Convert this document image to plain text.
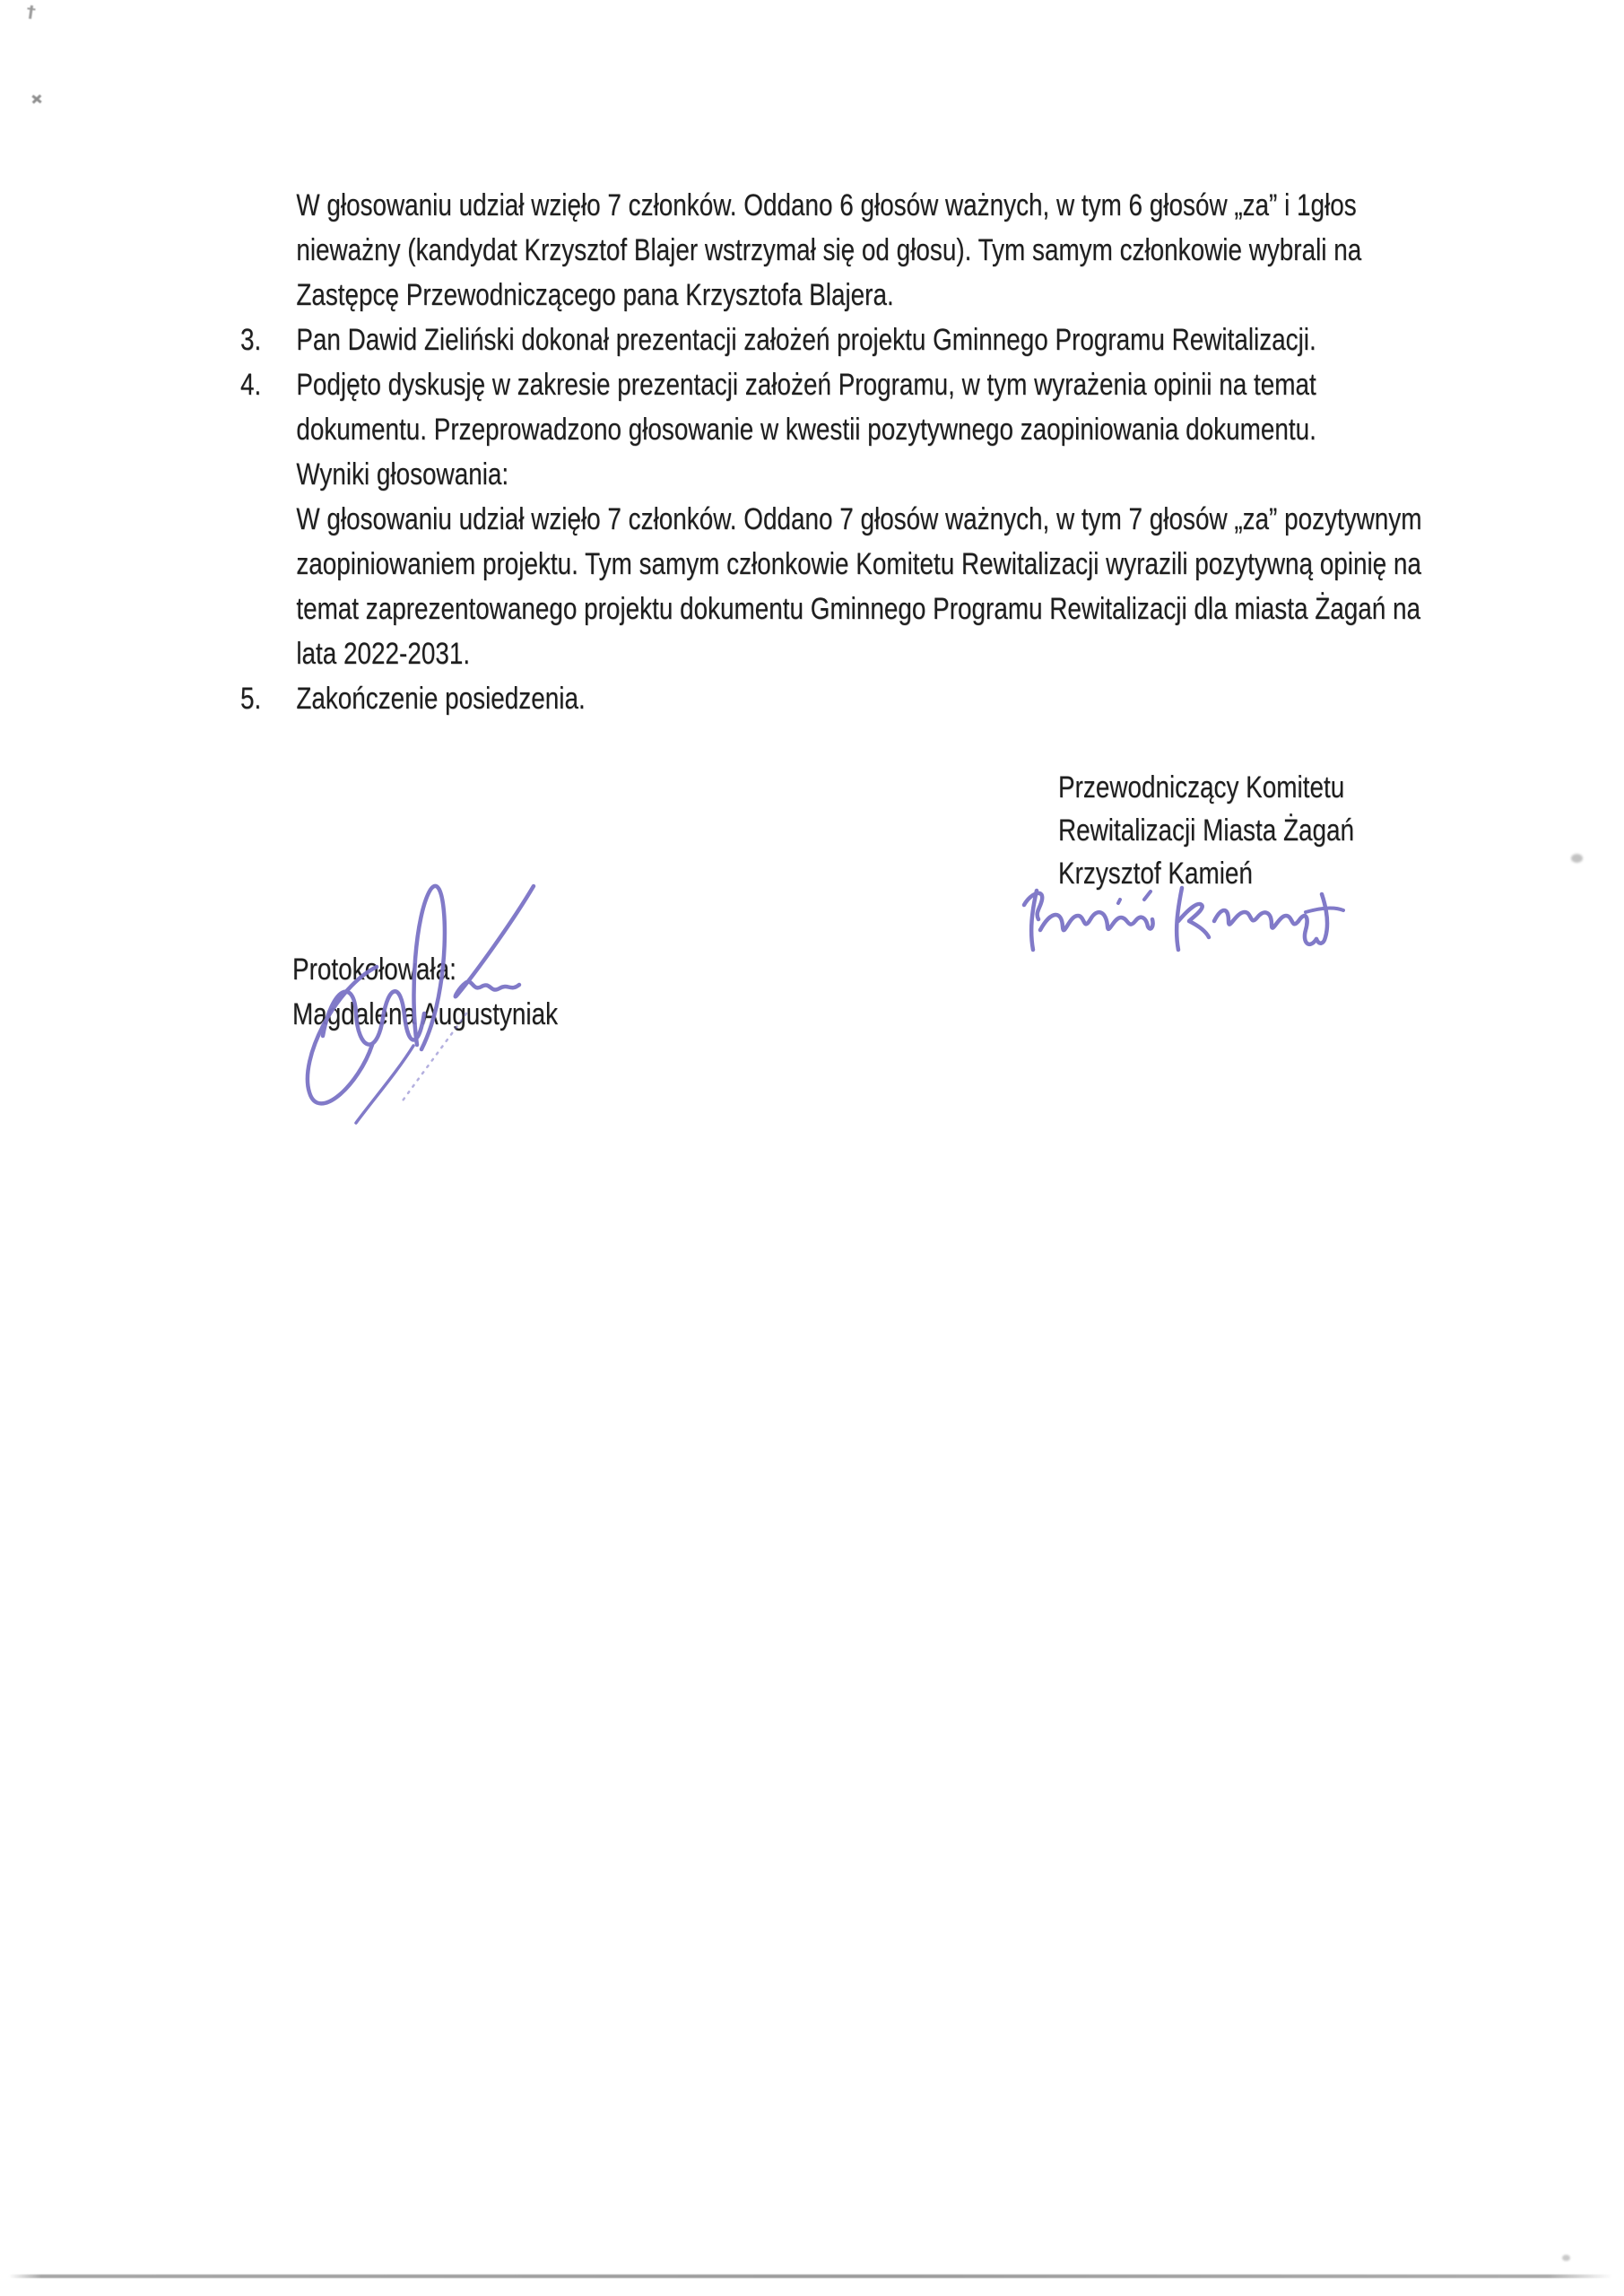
W głosowaniu udział wzięło 7 członków. Oddano 6 głosów ważnych, w tym 6 głosów „za” i 1głos
nieważny (kandydat Krzysztof Blajer wstrzymał się od głosu). Tym samym członkowie wybrali na
Zastępcę Przewodniczącego pana Krzysztofa Blajera.
3. Pan Dawid Zieliński dokonał prezentacji założeń projektu Gminnego Programu Rewitalizacji.
4. Podjęto dyskusję w zakresie prezentacji założeń Programu, w tym wyrażenia opinii na temat
dokumentu. Przeprowadzono głosowanie w kwestii pozytywnego zaopiniowania dokumentu.
Wyniki głosowania:
W głosowaniu udział wzięło 7 członków. Oddano 7 głosów ważnych, w tym 7 głosów „za” pozytywnym
zaopiniowaniem projektu. Tym samym członkowie Komitetu Rewitalizacji wyrazili pozytywną opinię na
temat zaprezentowanego projektu dokumentu Gminnego Programu Rewitalizacji dla miasta Żagań na
lata 2022-2031.
5. Zakończenie posiedzenia.
Przewodniczący Komitetu
Rewitalizacji Miasta Żagań
Krzysztof Kamień
Protokołowała:
Magdalena Augustyniak
